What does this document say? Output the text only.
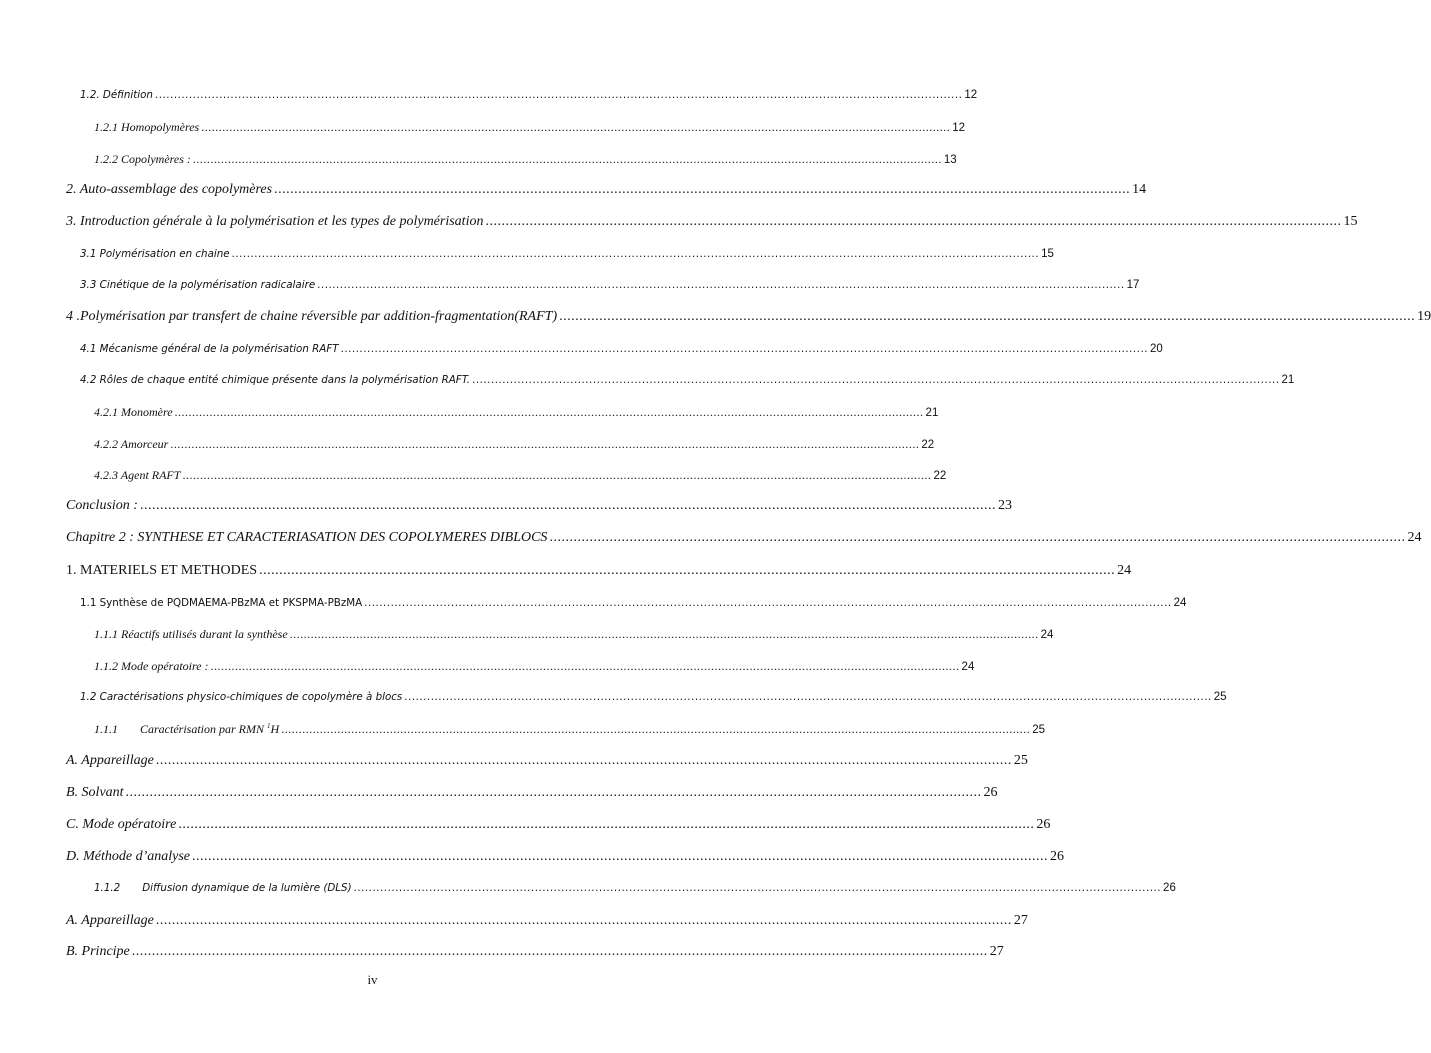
1.2. Définition ...................................................................................................................................................................................................................... 12
1.2.1 Homopolymères ...................................................................................................................................................................................................................... 12
1.2.2 Copolymères : ...................................................................................................................................................................................................................... 13
2. Auto-assemblage des copolymères ...................................................................................................................................................................................................................... 14
3. Introduction générale à la polymérisation et les types de polymérisation ...................................................................................................................................................................................................................... 15
3.1 Polymérisation en chaine ...................................................................................................................................................................................................................... 15
3.3 Cinétique de la polymérisation radicalaire ...................................................................................................................................................................................................................... 17
4 .Polymérisation par transfert de chaine réversible par addition-fragmentation(RAFT) ...................................................................................................................................................................................................................... 19
4.1 Mécanisme général de la polymérisation RAFT ...................................................................................................................................................................................................................... 20
4.2 Rôles de chaque entité chimique présente dans la polymérisation RAFT. ...................................................................................................................................................................................................................... 21
4.2.1 Monomère ...................................................................................................................................................................................................................... 21
4.2.2 Amorceur ...................................................................................................................................................................................................................... 22
4.2.3 Agent RAFT ...................................................................................................................................................................................................................... 22
Conclusion : ...................................................................................................................................................................................................................... 23
Chapitre 2 : SYNTHESE ET CARACTERIASATION DES COPOLYMERES DIBLOCS ...................................................................................................................................................................................................................... 24
1. MATERIELS ET METHODES ...................................................................................................................................................................................................................... 24
1.1 Synthèse de PQDMAEMA-PBzMA et PKSPMA-PBzMA ...................................................................................................................................................................................................................... 24
1.1.1 Réactifs utilisés durant la synthèse ...................................................................................................................................................................................................................... 24
1.1.2 Mode opératoire : ...................................................................................................................................................................................................................... 24
1.2 Caractérisations physico-chimiques de copolymère à blocs ...................................................................................................................................................................................................................... 25
1.1.1 Caractérisation par RMN $^1$H ...................................................................................................................................................................................................................... 25
A. Appareillage ...................................................................................................................................................................................................................... 25
B. Solvant ...................................................................................................................................................................................................................... 26
C. Mode opératoire ...................................................................................................................................................................................................................... 26
D. Méthode d’analyse ...................................................................................................................................................................................................................... 26
1.1.2 Diffusion dynamique de la lumière (DLS) ...................................................................................................................................................................................................................... 26
A. Appareillage ...................................................................................................................................................................................................................... 27
B. Principe ...................................................................................................................................................................................................................... 27
iv
